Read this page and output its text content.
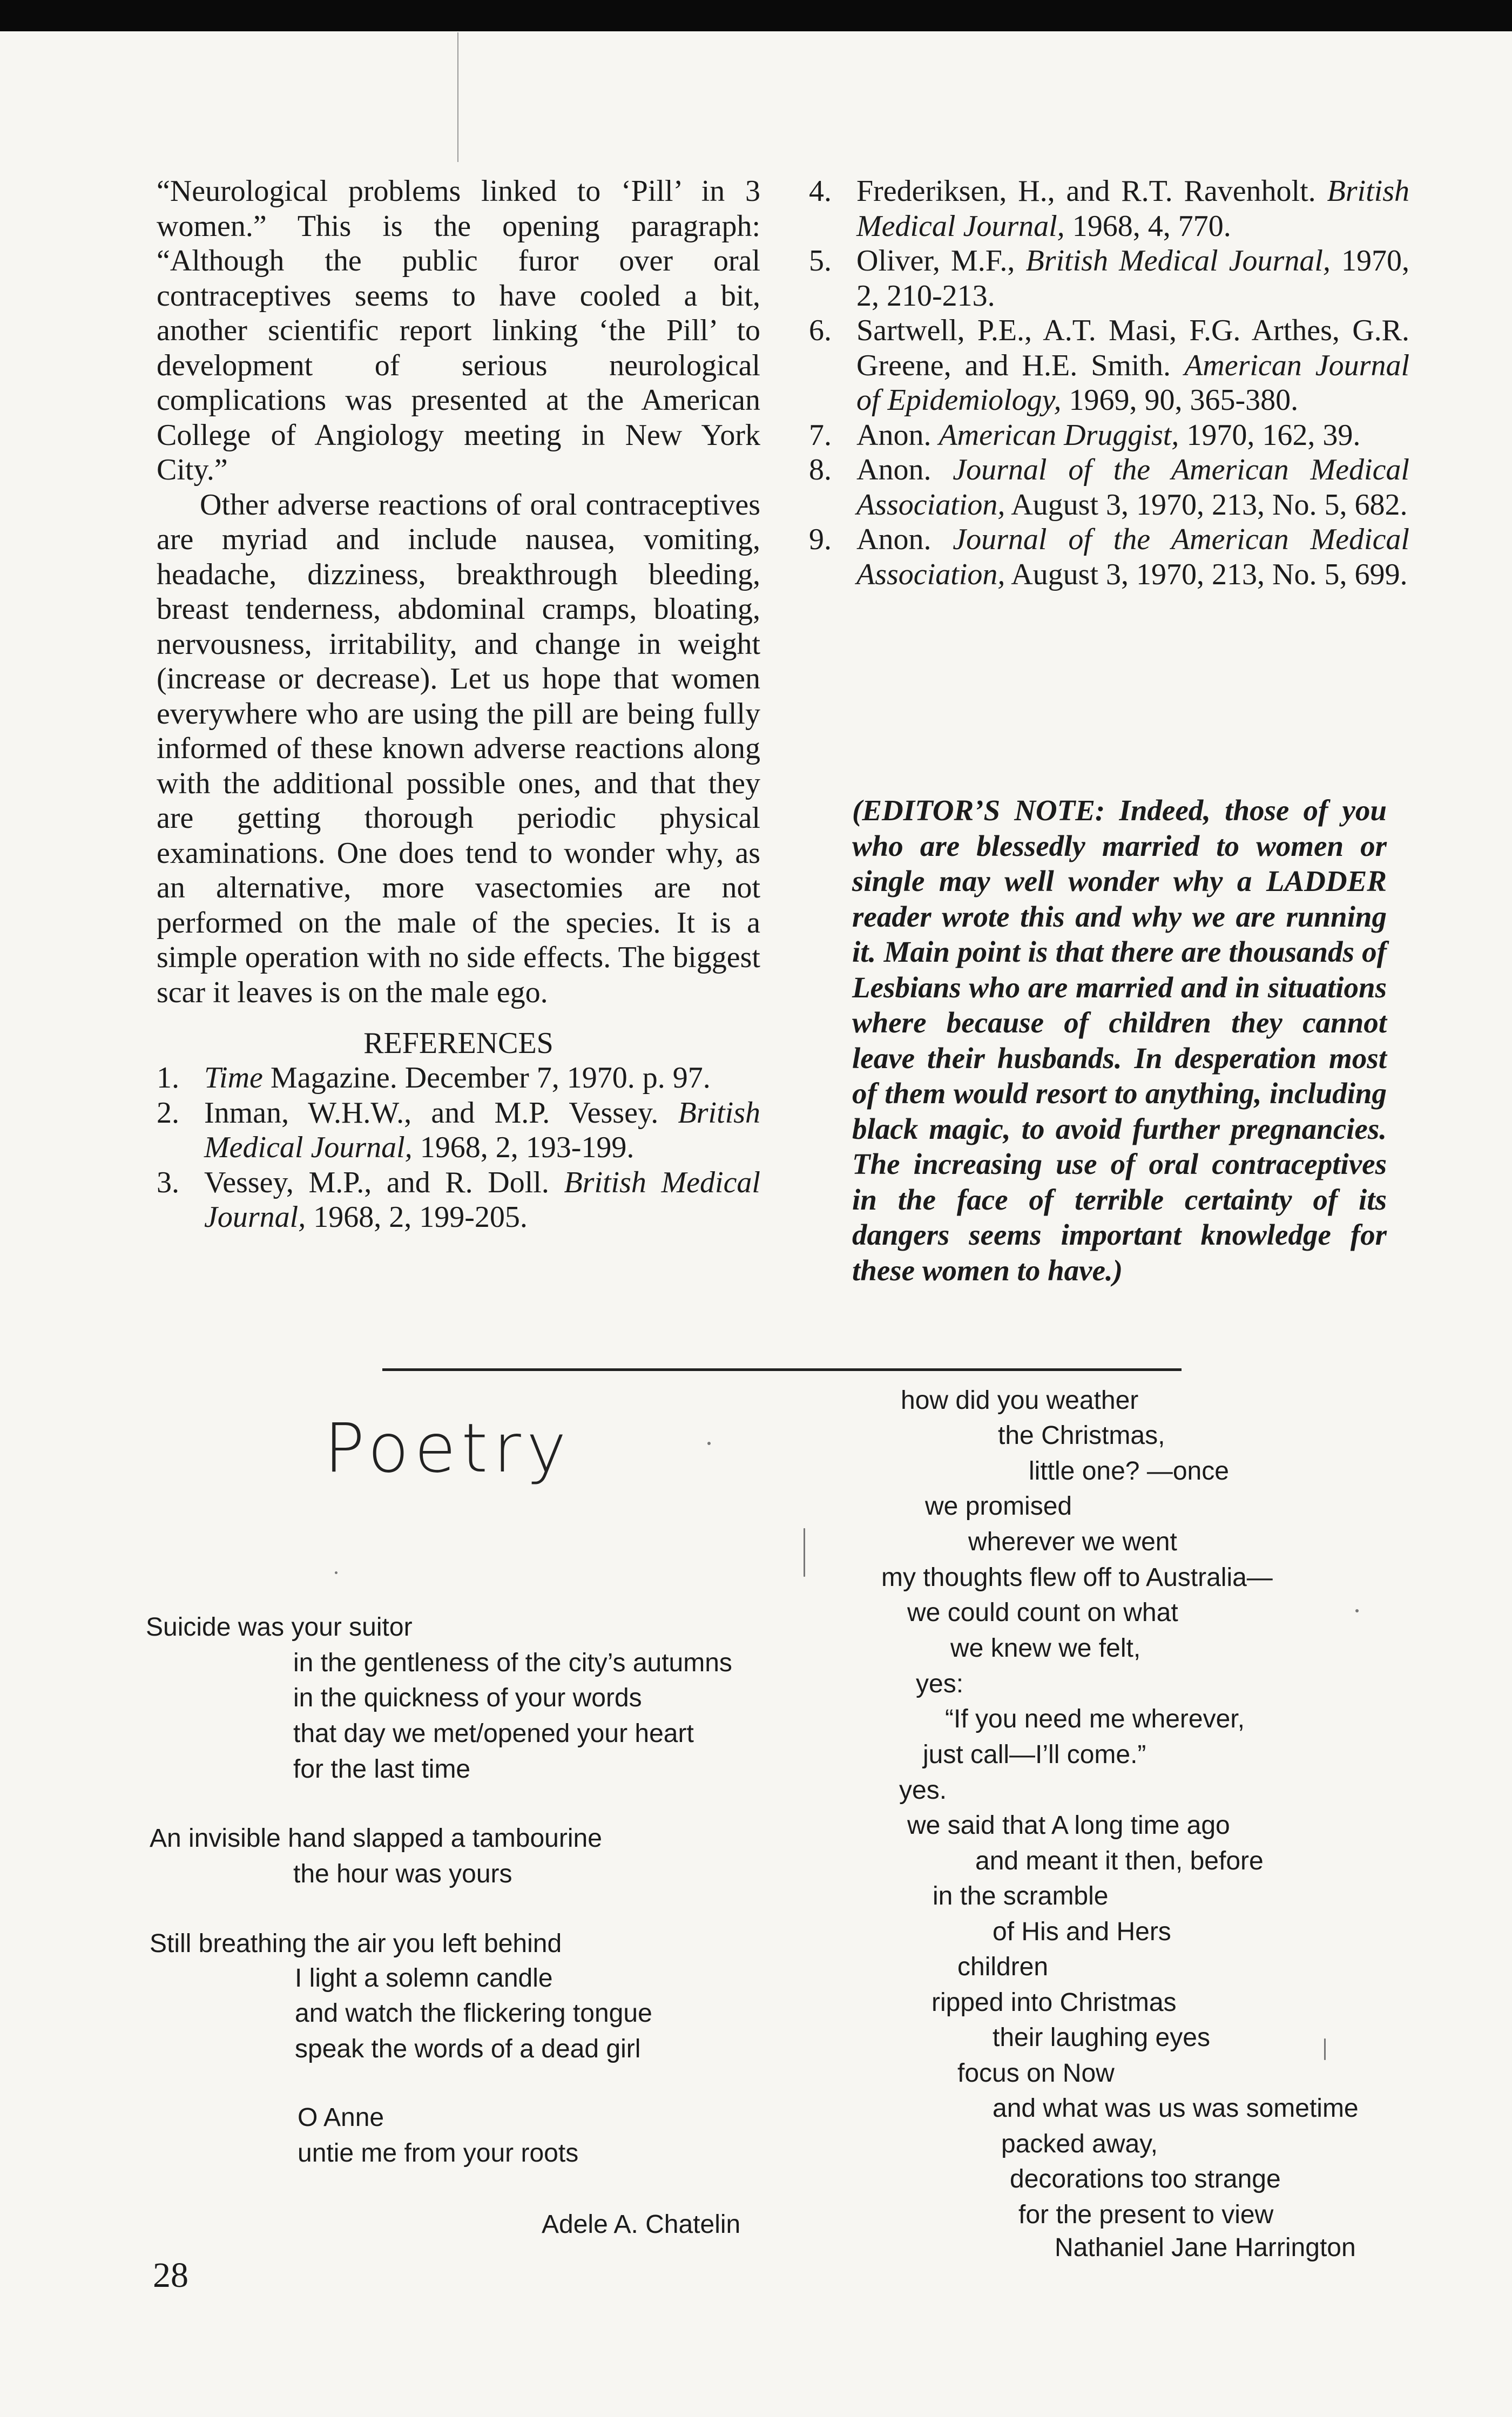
“Neurological problems linked to ‘Pill’ in 3 women.” This is the opening paragraph: “Although the public furor over oral contraceptives seems to have cooled a bit, another scientific report linking ‘the Pill’ to development of serious neurological complications was presented at the American College of Angiology meeting in New York City.”

Other adverse reactions of oral contraceptives are myriad and include nausea, vomiting, headache, dizziness, breakthrough bleeding, breast tenderness, abdominal cramps, bloating, nervousness, irritability, and change in weight (increase or decrease). Let us hope that women everywhere who are using the pill are being fully informed of these known adverse reactions along with the additional possible ones, and that they are getting thorough periodic physical examinations. One does tend to wonder why, as an alternative, more vasectomies are not performed on the male of the species. It is a simple operation with no side effects. The biggest scar it leaves is on the male ego.

REFERENCES
1. Time Magazine. December 7, 1970. p. 97.
2. Inman, W.H.W., and M.P. Vessey. British Medical Journal, 1968, 2, 193-199.
3. Vessey, M.P., and R. Doll. British Medical Journal, 1968, 2, 199-205.
4. Frederiksen, H., and R.T. Ravenholt. British Medical Journal, 1968, 4, 770.
5. Oliver, M.F., British Medical Journal, 1970, 2, 210-213.
6. Sartwell, P.E., A.T. Masi, F.G. Arthes, G.R. Greene, and H.E. Smith. American Journal of Epidemiology, 1969, 90, 365-380.
7. Anon. American Druggist, 1970, 162, 39.
8. Anon. Journal of the American Medical Association, August 3, 1970, 213, No. 5, 682.
9. Anon. Journal of the American Medical Association, August 3, 1970, 213, No. 5, 699.

(EDITOR’S NOTE: Indeed, those of you who are blessedly married to women or single may well wonder why a LADDER reader wrote this and why we are running it. Main point is that there are thousands of Lesbians who are married and in situations where because of children they cannot leave their husbands. In desperation most of them would resort to anything, including black magic, to avoid further pregnancies. The increasing use of oral contraceptives in the face of terrible certainty of its dangers seems important knowledge for these women to have.)

Poetry
Suicide was your suitor
in the gentleness of the city’s autumns
in the quickness of your words
that day we met/opened your heart
for the last time
An invisible hand slapped a tambourine
the hour was yours
Still breathing the air you left behind
I light a solemn candle
and watch the flickering tongue
speak the words of a dead girl
O Anne
untie me from your roots
Adele A. Chatelin
how did you weather
the Christmas,
little one? —once
we promised
wherever we went
my thoughts flew off to Australia—
we could count on what
we knew we felt,
yes:
“If you need me wherever,
just call—I’ll come.”
yes.
we said that A long time ago
and meant it then, before
in the scramble
of His and Hers
children
ripped into Christmas
their laughing eyes
focus on Now
and what was us was sometime
packed away,
decorations too strange
for the present to view
Nathaniel Jane Harrington
28
